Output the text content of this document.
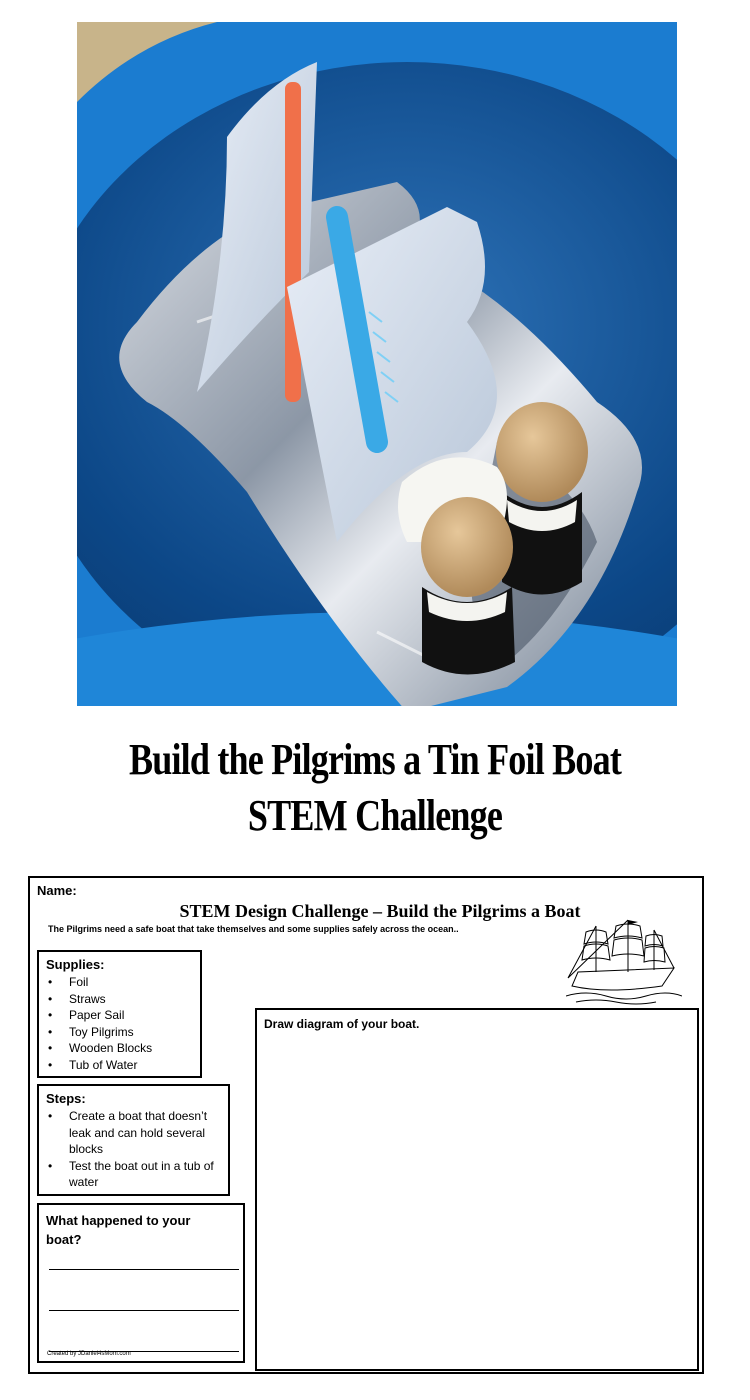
Build the Pilgrims a Tin Foil Boat
STEM Challenge
Name:
STEM Design Challenge – Build the Pilgrims a Boat
The Pilgrims need a safe boat that take themselves and some supplies safely across the ocean..
Supplies:
• Foil
• Straws
• Paper Sail
• Toy Pilgrims
• Wooden Blocks
• Tub of Water
Steps:
• Create a boat that doesn’t leak and can hold several blocks
• Test the boat out in a tub of water
What happened to your boat?
Created by JDaniel4sMom.com
Draw diagram of your boat.
